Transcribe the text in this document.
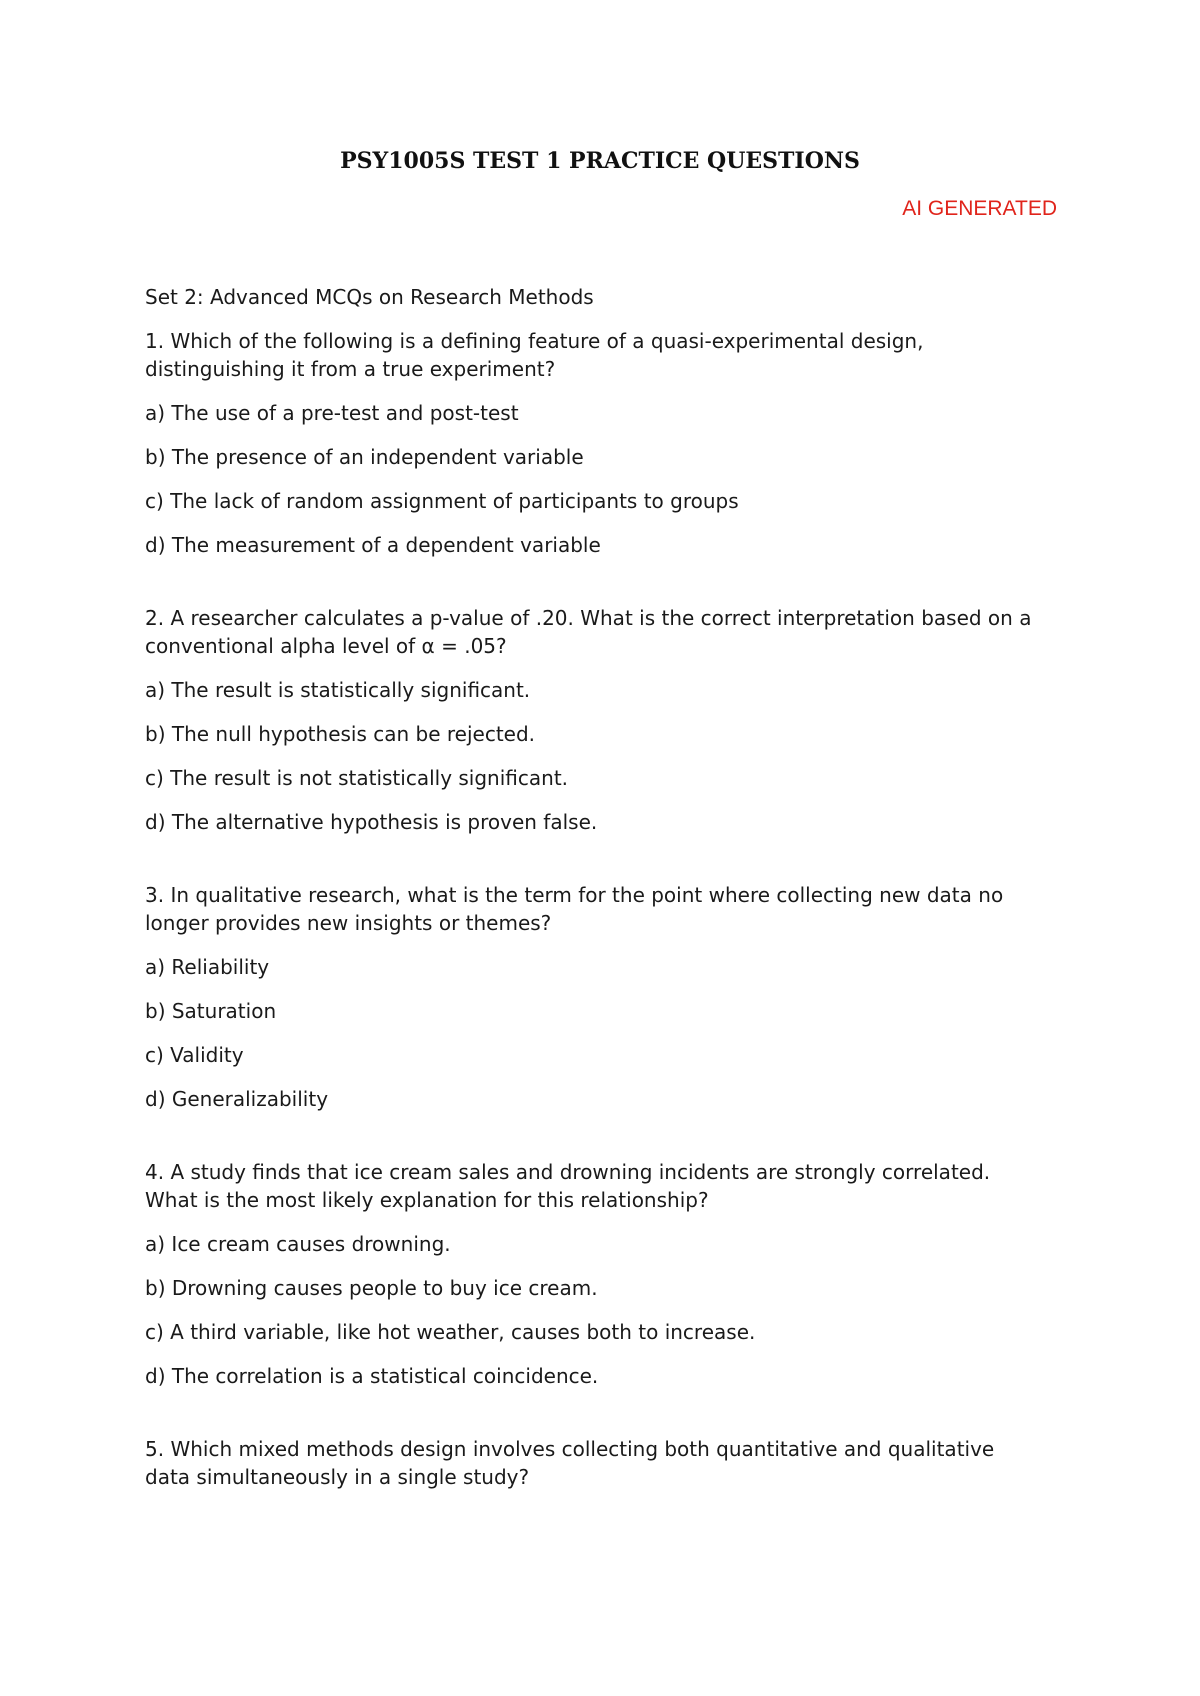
PSY1005S TEST 1 PRACTICE QUESTIONS
AI GENERATED

Set 2: Advanced MCQs on Research Methods

1. Which of the following is a defining feature of a quasi-experimental design, distinguishing it from a true experiment?

a) The use of a pre-test and post-test

b) The presence of an independent variable

c) The lack of random assignment of participants to groups

d) The measurement of a dependent variable

2. A researcher calculates a p-value of .20. What is the correct interpretation based on a conventional alpha level of α = .05?

a) The result is statistically significant.

b) The null hypothesis can be rejected.

c) The result is not statistically significant.

d) The alternative hypothesis is proven false.

3. In qualitative research, what is the term for the point where collecting new data no longer provides new insights or themes?

a) Reliability

b) Saturation

c) Validity

d) Generalizability

4. A study finds that ice cream sales and drowning incidents are strongly correlated. What is the most likely explanation for this relationship?

a) Ice cream causes drowning.

b) Drowning causes people to buy ice cream.

c) A third variable, like hot weather, causes both to increase.

d) The correlation is a statistical coincidence.

5. Which mixed methods design involves collecting both quantitative and qualitative data simultaneously in a single study?
